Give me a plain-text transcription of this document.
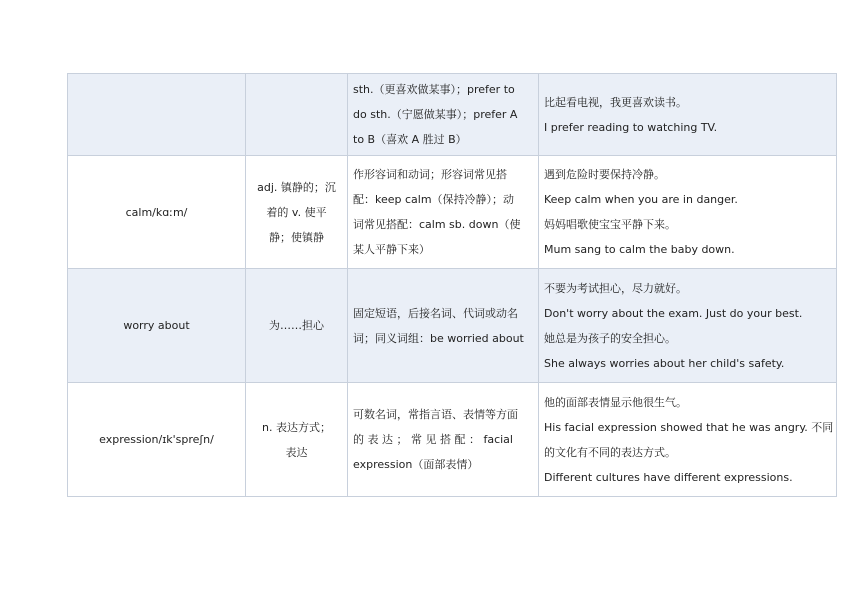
		sth.（更喜欢做某事）；prefer to
do sth.（宁愿做某事）；prefer A
to B（喜欢 A 胜过 B）	比起看电视，我更喜欢读书。
I prefer reading to watching TV.

calm/kɑːm/	adj. 镇静的；沉
着的 v. 使平
静；使镇静	作形容词和动词；形容词常见搭
配：keep calm（保持冷静）；动
词常见搭配：calm sb. down（使
某人平静下来）	遇到危险时要保持冷静。
Keep calm when you are in danger.
妈妈唱歌使宝宝平静下来。
Mum sang to calm the baby down.

worry about	为……担心	固定短语，后接名词、代词或动名
词；同义词组：be worried about	不要为考试担心，尽力就好。
Don't worry about the exam. Just do your best.
她总是为孩子的安全担心。
She always worries about her child's safety.

expression/ɪk'spreʃn/	n. 表达方式；
表达	可数名词，常指言语、表情等方面
的 表 达 ； 常 见 搭 配 ： facial
expression（面部表情）	他的面部表情显示他很生气。
His facial expression showed that he was angry. 不同
的文化有不同的表达方式。
Different cultures have different expressions.
